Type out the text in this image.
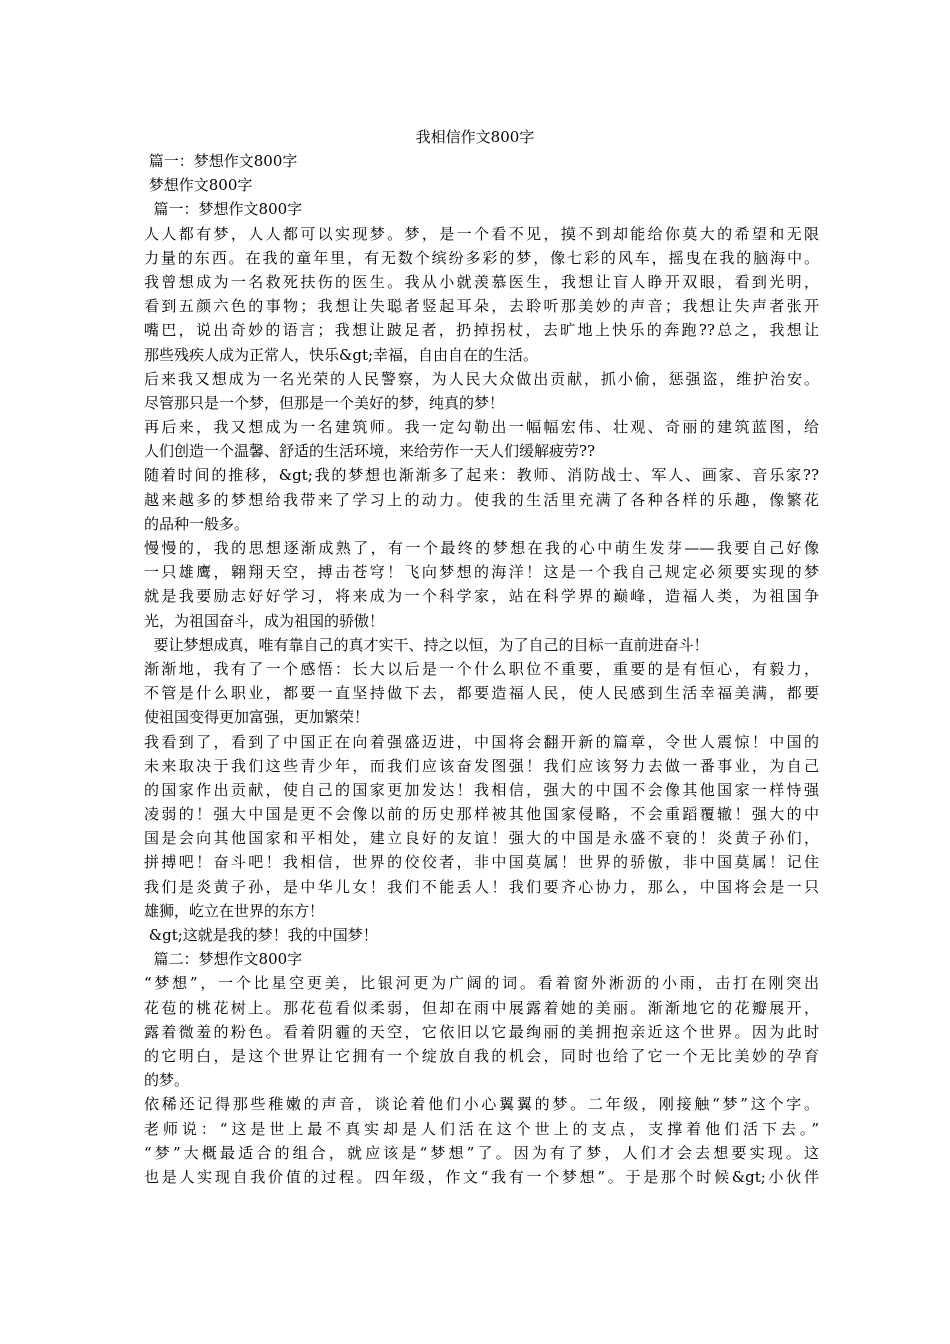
我相信作文800字
篇一：梦想作文800字
梦想作文800字
篇一：梦想作文800字
人人都有梦，人人都可以实现梦。梦，是一个看不见，摸不到却能给你莫大的希望和无限
力量的东西。在我的童年里，有无数个缤纷多彩的梦，像七彩的风车，摇曳在我的脑海中。
我曾想成为一名救死扶伤的医生。我从小就羡慕医生，我想让盲人睁开双眼，看到光明，
看到五颜六色的事物；我想让失聪者竖起耳朵，去聆听那美妙的声音；我想让失声者张开
嘴巴，说出奇妙的语言；我想让跛足者，扔掉拐杖，去旷地上快乐的奔跑??总之，我想让
那些残疾人成为正常人，快乐&gt;幸福，自由自在的生活。
后来我又想成为一名光荣的人民警察，为人民大众做出贡献，抓小偷，惩强盗，维护治安。
尽管那只是一个梦，但那是一个美好的梦，纯真的梦！
再后来，我又想成为一名建筑师。我一定勾勒出一幅幅宏伟、壮观、奇丽的建筑蓝图，给
人们创造一个温馨、舒适的生活环境，来给劳作一天人们缓解疲劳??
随着时间的推移，&gt;我的梦想也渐渐多了起来：教师、消防战士、军人、画家、音乐家??
越来越多的梦想给我带来了学习上的动力。使我的生活里充满了各种各样的乐趣，像繁花
的品种一般多。
慢慢的，我的思想逐渐成熟了，有一个最终的梦想在我的心中萌生发芽——我要自己好像
一只雄鹰，翱翔天空，搏击苍穹！飞向梦想的海洋！这是一个我自己规定必须要实现的梦
就是我要励志好好学习，将来成为一个科学家，站在科学界的巅峰，造福人类，为祖国争
光，为祖国奋斗，成为祖国的骄傲！
要让梦想成真，唯有靠自己的真才实干、持之以恒，为了自己的目标一直前进奋斗！
渐渐地，我有了一个感悟：长大以后是一个什么职位不重要，重要的是有恒心，有毅力，
不管是什么职业，都要一直坚持做下去，都要造福人民，使人民感到生活幸福美满，都要
使祖国变得更加富强，更加繁荣！
我看到了，看到了中国正在向着强盛迈进，中国将会翻开新的篇章，令世人震惊！中国的
未来取决于我们这些青少年，而我们应该奋发图强！我们应该努力去做一番事业，为自己
的国家作出贡献，使自己的国家更加发达！我相信，强大的中国不会像其他国家一样恃强
凌弱的！强大中国是更不会像以前的历史那样被其他国家侵略，不会重蹈覆辙！强大的中
国是会向其他国家和平相处，建立良好的友谊！强大的中国是永盛不衰的！炎黄子孙们，
拼搏吧！奋斗吧！我相信，世界的佼佼者，非中国莫属！世界的骄傲，非中国莫属！记住
我们是炎黄子孙，是中华儿女！我们不能丢人！我们要齐心协力，那么，中国将会是一只
雄狮，屹立在世界的东方！
&gt;这就是我的梦！我的中国梦！
篇二：梦想作文800字
“梦想”，一个比星空更美，比银河更为广阔的词。看着窗外淅沥的小雨，击打在刚突出
花苞的桃花树上。那花苞看似柔弱，但却在雨中展露着她的美丽。渐渐地它的花瓣展开，
露着微羞的粉色。看着阴霾的天空，它依旧以它最绚丽的美拥抱亲近这个世界。因为此时
的它明白，是这个世界让它拥有一个绽放自我的机会，同时也给了它一个无比美妙的孕育
的梦。
依稀还记得那些稚嫩的声音，谈论着他们小心翼翼的梦。二年级，刚接触“梦”这个字。
老师说：“这是世上最不真实却是人们活在这个世上的支点，支撑着他们活下去。”
“梦”大概最适合的组合，就应该是“梦想”了。因为有了梦，人们才会去想要实现。这
也是人实现自我价值的过程。四年级，作文“我有一个梦想”。于是那个时候&gt;小伙伴
